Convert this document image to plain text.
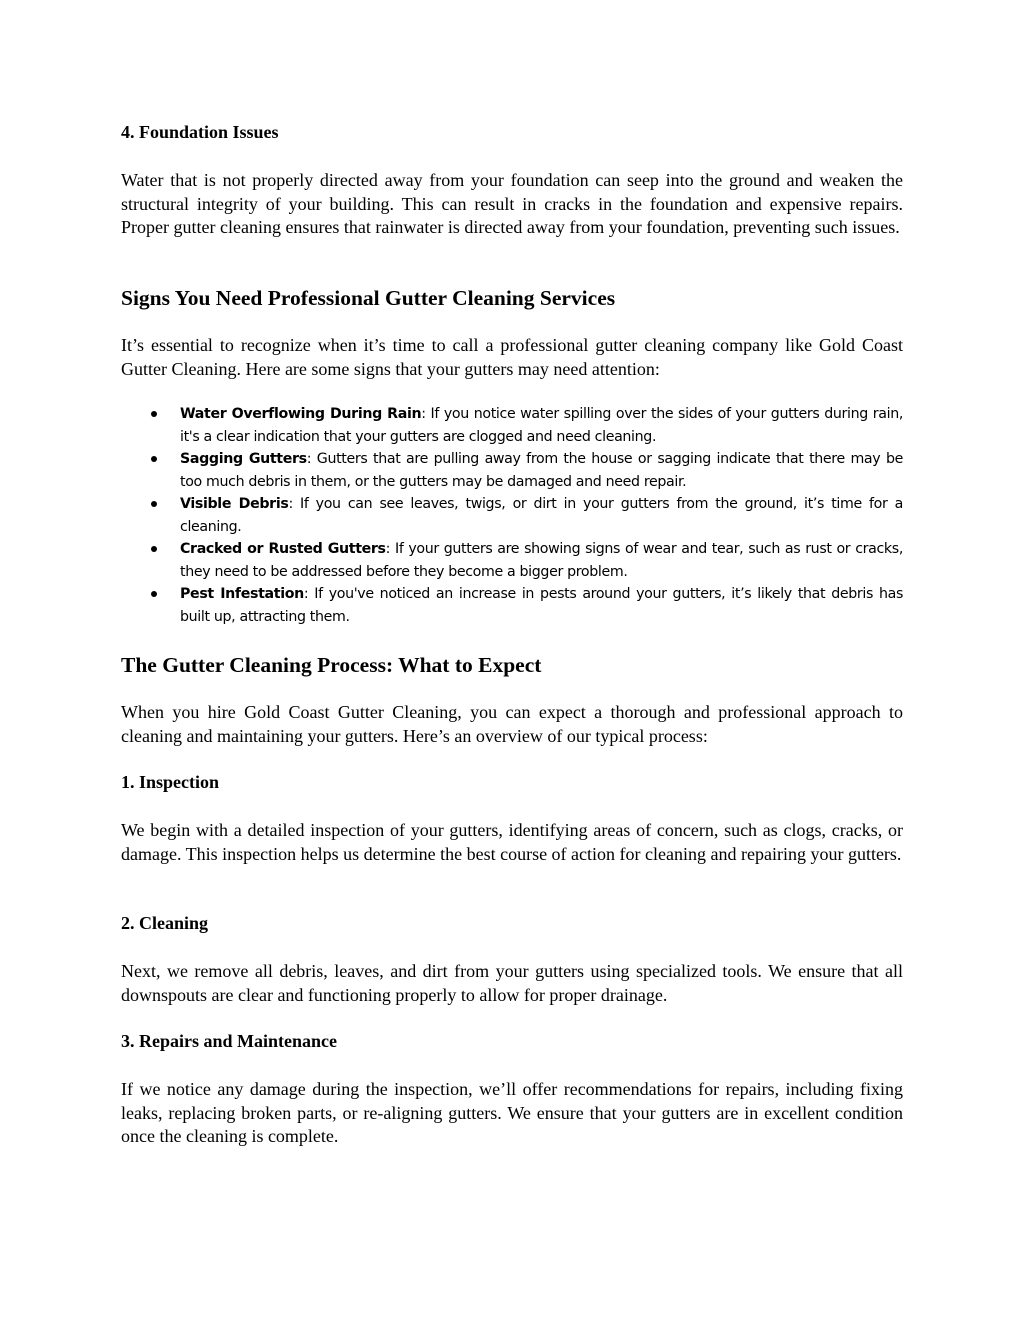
4. Foundation Issues

Water that is not properly directed away from your foundation can seep into the ground and weaken the structural integrity of your building. This can result in cracks in the foundation and expensive repairs. Proper gutter cleaning ensures that rainwater is directed away from your foundation, preventing such issues.

Signs You Need Professional Gutter Cleaning Services

It’s essential to recognize when it’s time to call a professional gutter cleaning company like Gold Coast Gutter Cleaning. Here are some signs that your gutters may need attention:

Water Overflowing During Rain: If you notice water spilling over the sides of your gutters during rain, it's a clear indication that your gutters are clogged and need cleaning.
Sagging Gutters: Gutters that are pulling away from the house or sagging indicate that there may be too much debris in them, or the gutters may be damaged and need repair.
Visible Debris: If you can see leaves, twigs, or dirt in your gutters from the ground, it’s time for a cleaning.
Cracked or Rusted Gutters: If your gutters are showing signs of wear and tear, such as rust or cracks, they need to be addressed before they become a bigger problem.
Pest Infestation: If you've noticed an increase in pests around your gutters, it’s likely that debris has built up, attracting them.
The Gutter Cleaning Process: What to Expect

When you hire Gold Coast Gutter Cleaning, you can expect a thorough and professional approach to cleaning and maintaining your gutters. Here’s an overview of our typical process:

1. Inspection

We begin with a detailed inspection of your gutters, identifying areas of concern, such as clogs, cracks, or damage. This inspection helps us determine the best course of action for cleaning and repairing your gutters.

2. Cleaning

Next, we remove all debris, leaves, and dirt from your gutters using specialized tools. We ensure that all downspouts are clear and functioning properly to allow for proper drainage.

3. Repairs and Maintenance

If we notice any damage during the inspection, we’ll offer recommendations for repairs, including fixing leaks, replacing broken parts, or re-aligning gutters. We ensure that your gutters are in excellent condition once the cleaning is complete.
